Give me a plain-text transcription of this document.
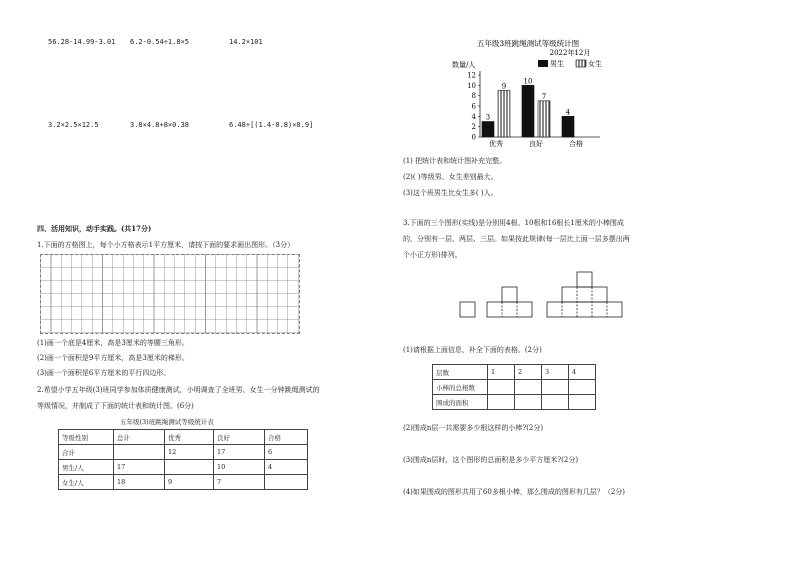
56.28-14.99-3.01 6.2-0.54÷1.8×5	14.2×101
3.2×2.5×12.5	3.8×4.8+8×0.38	6.48÷[(1.4-0.8)×0.9]
四、活用知识，动手实践。(共17分)
1.下面的方格图上，每个小方格表示1平方厘米，请按下面的要求画出图形。（3分）
(1)画一个底是4厘米，高是3厘米的等腰三角形。
(2)画一个面积是9平方厘米，高是3厘米的梯形。
(3)画一个面积是6平方厘米的平行四边形。
2.希望小学五年级(3)班同学参加体质健康测试，小明调查了全班男、女生一分钟跳绳测试的
等级情况，并制成了下面的统计表和统计图。(6分)
五年级(3)班跳绳测试等级统计表
等级性别	总计	优秀	良好	合格
合计		12	17	6
男生/人	17		10	4
女生/人	18	9	7	
五年级3班跳绳测试等级统计图
2022年12月
数量/人	男生	女生
0
2
4
6
8
10
12
3
9
优秀
10
7
良好
4
合格
(1) 把统计表和统计图补充完整。
(2)( )等级男、女生差别最大。
(3)这个班男生比女生多( )人。
3.下面的三个图形(实线)是分别用4根、10根和16根长1厘米的小棒围成
的，分别有一层、两层、三层。如果按此规律(每一层比上面一层多摆出两
个小正方形)排列。
(1)请根据上面信息，补全下面的表格。(2分)
层数	1	2	3	4
小棒的总根数				
围成的面积				
(2)围成n层一共需要多少根这样的小棒?(2分)
(3)围成n层时，这个图形的总面积是多少平方厘米?(2分)
(4)如果围成的图形共用了60多根小棒，那么围成的图形有几层？（2分)
